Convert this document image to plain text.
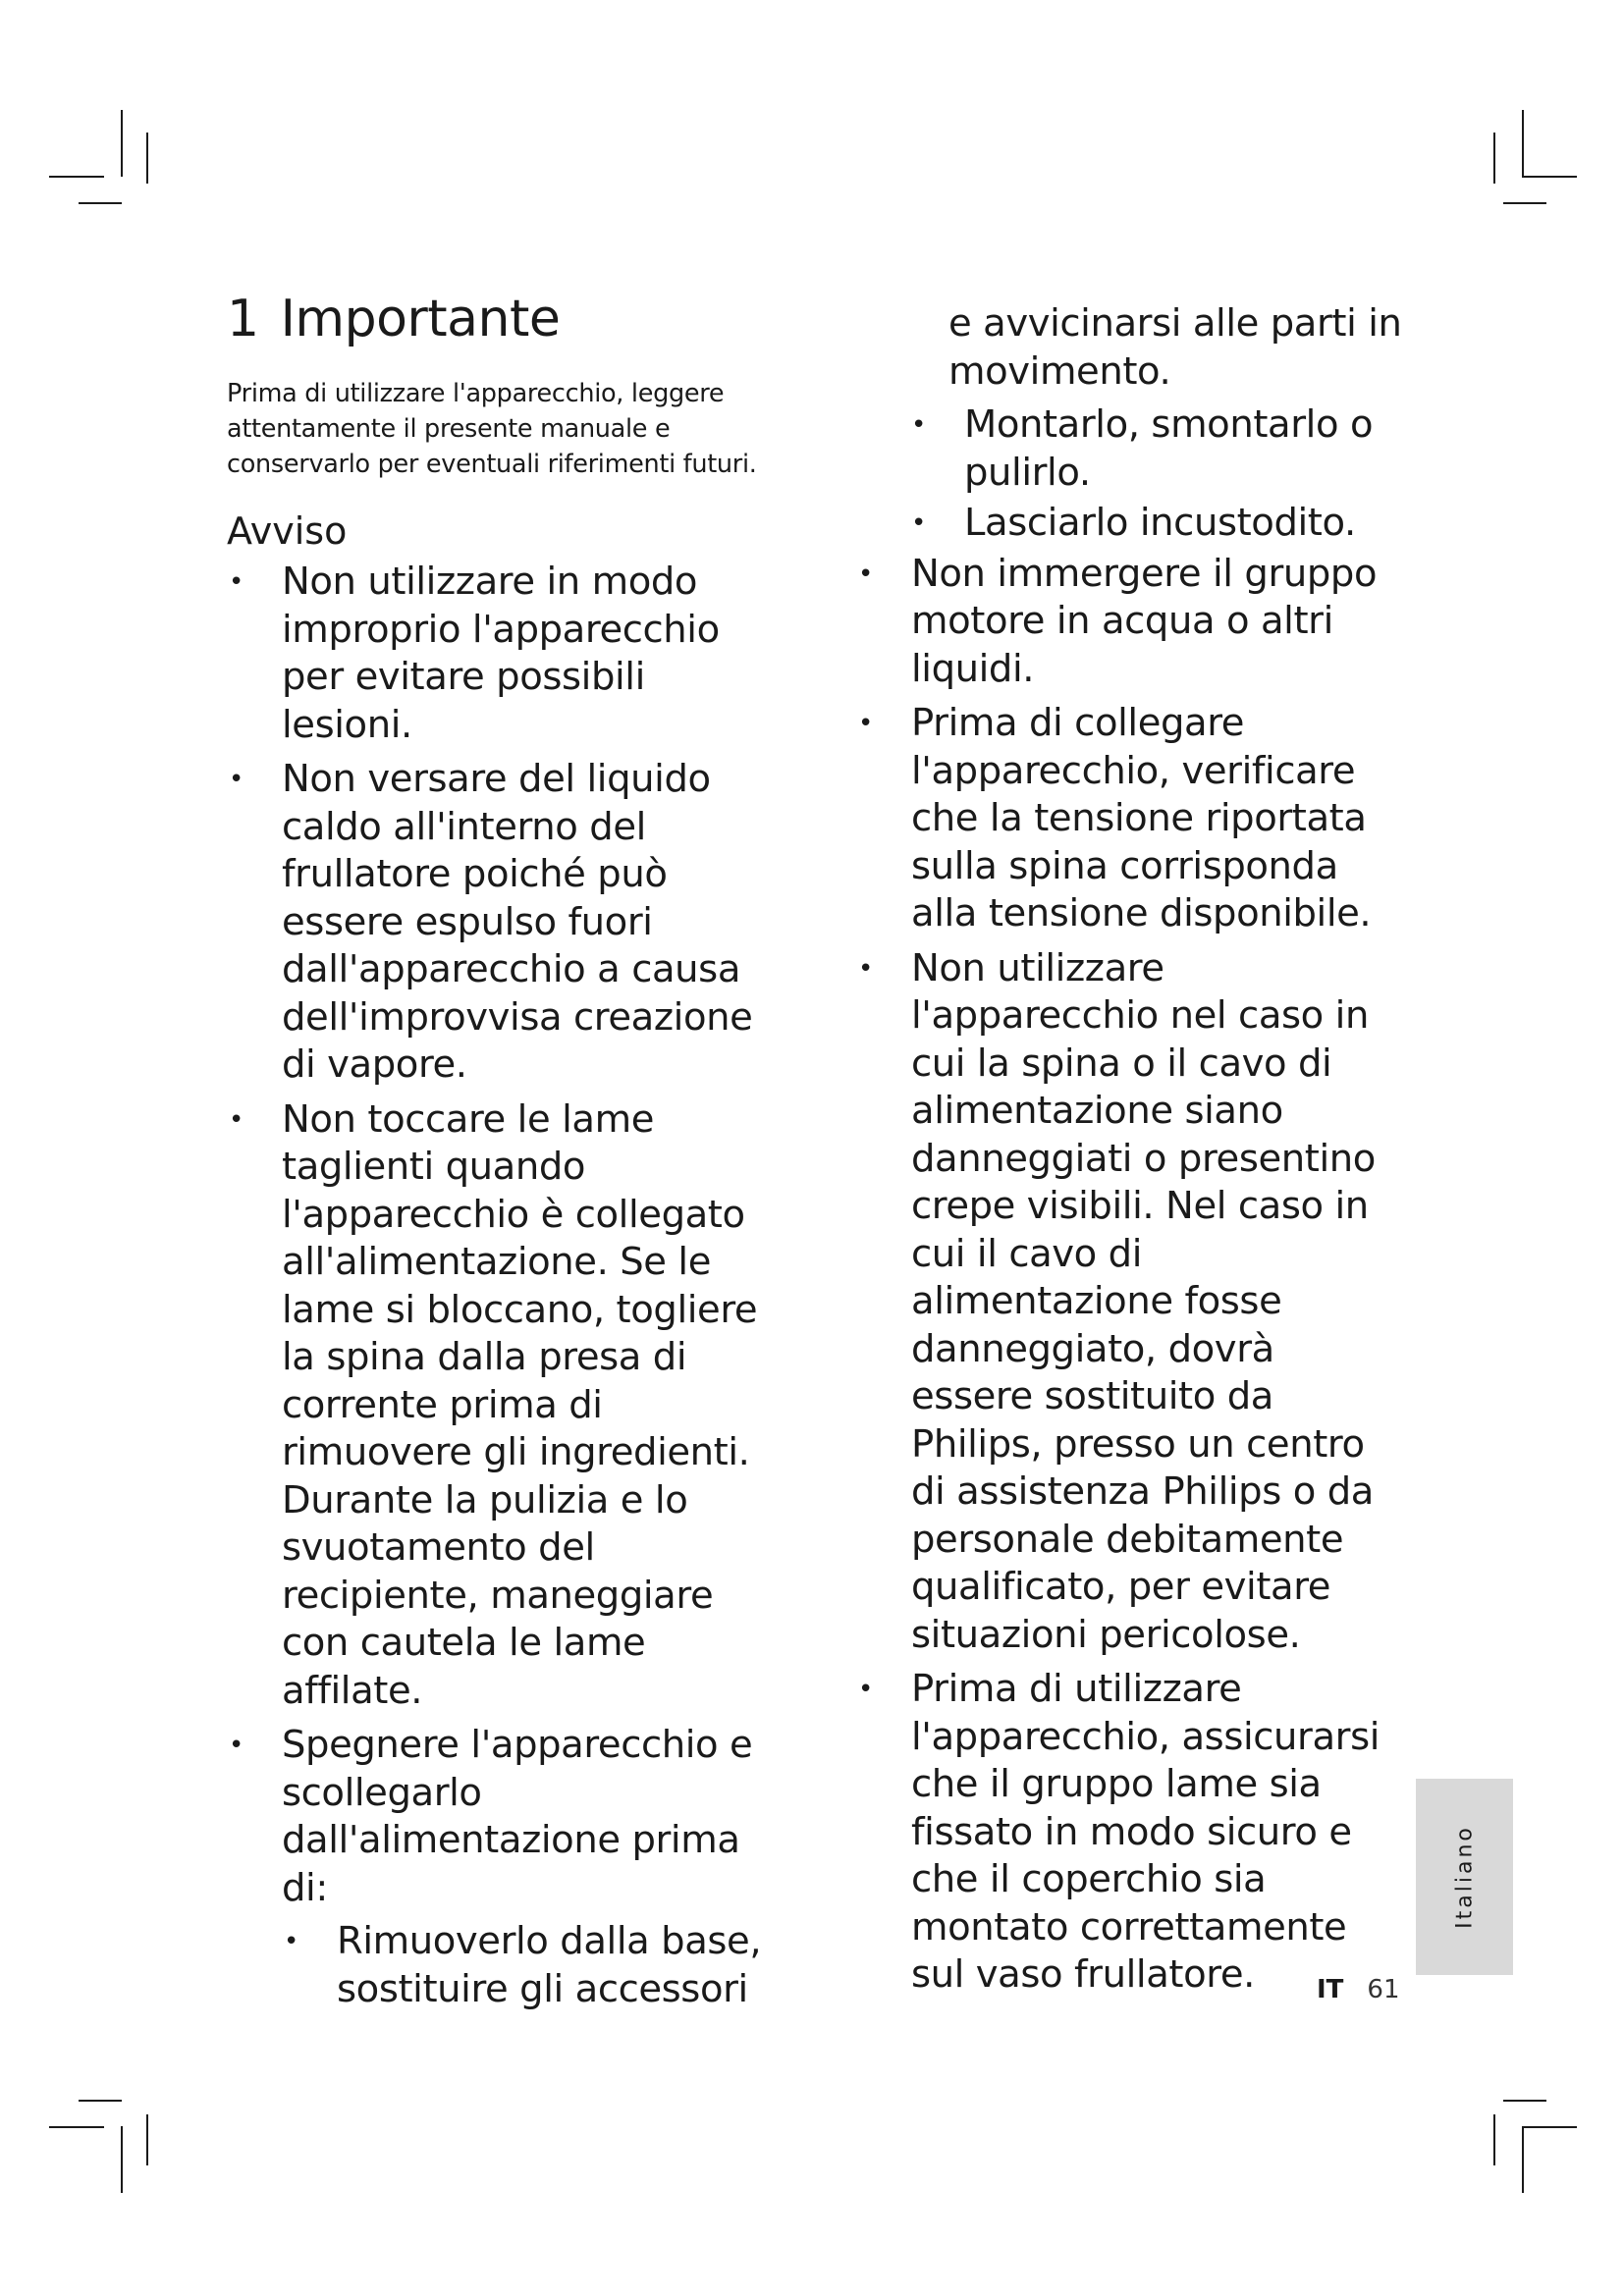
1 Importante

Prima di utilizzare l'apparecchio, leggere attentamente il presente manuale e conservarlo per eventuali riferimenti futuri.

Avviso
• Non utilizzare in modo improprio l'apparecchio per evitare possibili lesioni.
• Non versare del liquido caldo all'interno del frullatore poiché può essere espulso fuori dall'apparecchio a causa dell'improvvisa creazione di vapore.
• Non toccare le lame taglienti quando l'apparecchio è collegato all'alimentazione. Se le lame si bloccano, togliere la spina dalla presa di corrente prima di rimuovere gli ingredienti. Durante la pulizia e lo svuotamento del recipiente, maneggiare con cautela le lame affilate.
• Spegnere l'apparecchio e scollegarlo dall'alimentazione prima di:
• Rimuoverlo dalla base, sostituire gli accessori
e avvicinarsi alle parti in movimento.
• Montarlo, smontarlo o pulirlo.
• Lasciarlo incustodito.
• Non immergere il gruppo motore in acqua o altri liquidi.
• Prima di collegare l'apparecchio, verificare che la tensione riportata sulla spina corrisponda alla tensione disponibile.
• Non utilizzare l'apparecchio nel caso in cui la spina o il cavo di alimentazione siano danneggiati o presentino crepe visibili. Nel caso in cui il cavo di alimentazione fosse danneggiato, dovrà essere sostituito da Philips, presso un centro di assistenza Philips o da personale debitamente qualificato, per evitare situazioni pericolose.
• Prima di utilizzare l'apparecchio, assicurarsi che il gruppo lame sia fissato in modo sicuro e che il coperchio sia montato correttamente sul vaso frullatore.
Italiano
IT 61
